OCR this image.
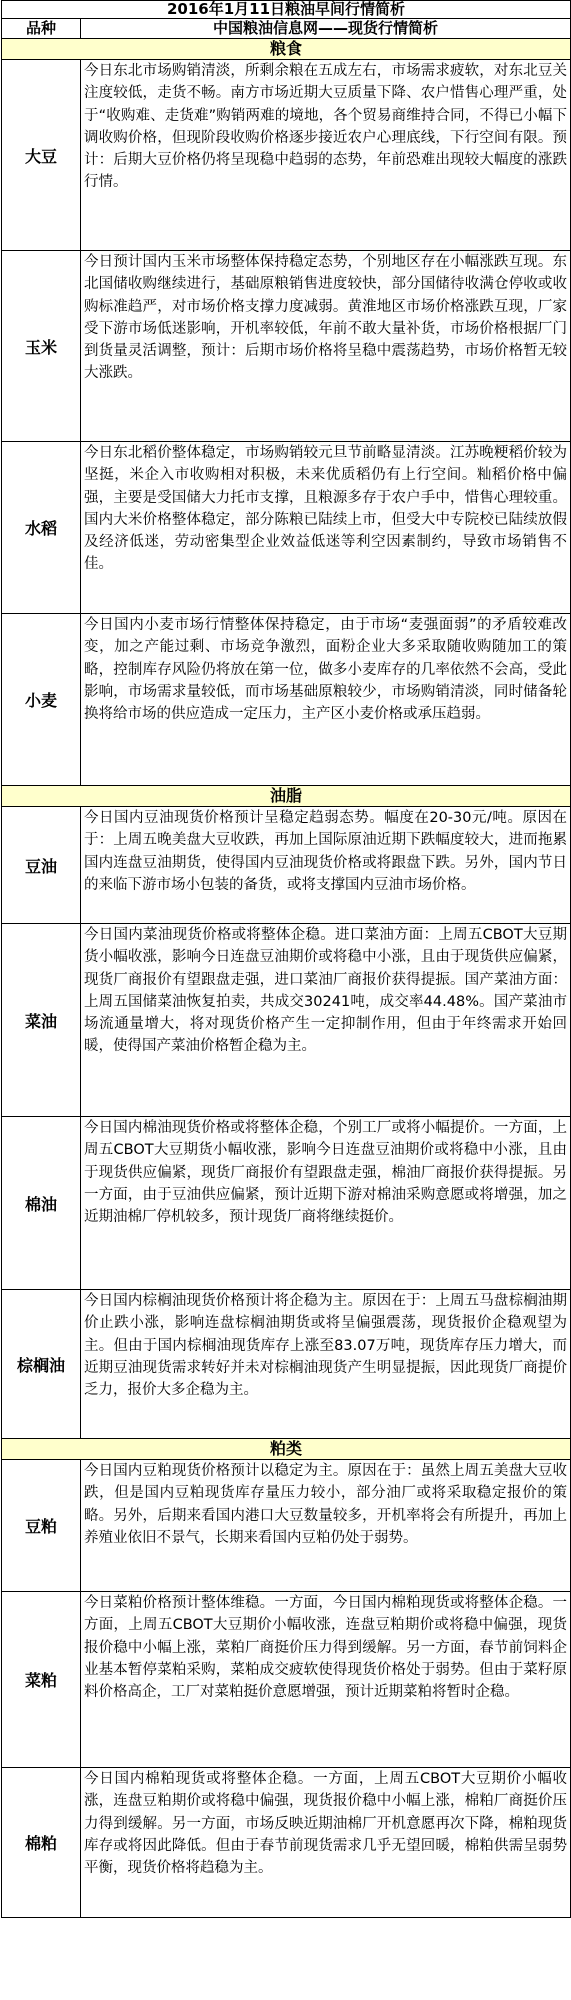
2016年1月11日粮油早间行情简析	
品种	中国粮油信息网——现货行情简析
粮食	
大豆	今日东北市场购销清淡，所剩余粮在五成左右，市场需求疲软，对东北豆关注度较低，走货不畅。南方市场近期大豆质量下降、农户惜售心理严重，处于“收购难、走货难”购销两难的境地，各个贸易商维持合同，不得已小幅下调收购价格，但现阶段收购价格逐步接近农户心理底线，下行空间有限。预计：后期大豆价格仍将呈现稳中趋弱的态势，年前恐难出现较大幅度的涨跌行情。
玉米	今日预计国内玉米市场整体保持稳定态势，个别地区存在小幅涨跌互现。东北国储收购继续进行，基础原粮销售进度较快，部分国储待收满仓停收或收购标准趋严，对市场价格支撑力度减弱。黄淮地区市场价格涨跌互现，厂家受下游市场低迷影响，开机率较低，年前不敢大量补货，市场价格根据厂门到货量灵活调整，预计：后期市场价格将呈稳中震荡趋势，市场价格暂无较大涨跌。
水稻	今日东北稻价整体稳定，市场购销较元旦节前略显清淡。江苏晚粳稻价较为坚挺，米企入市收购相对积极，未来优质稻仍有上行空间。籼稻价格中偏强，主要是受国储大力托市支撑，且粮源多存于农户手中，惜售心理较重。国内大米价格整体稳定，部分陈粮已陆续上市，但受大中专院校已陆续放假及经济低迷，劳动密集型企业效益低迷等利空因素制约，导致市场销售不佳。
小麦	今日国内小麦市场行情整体保持稳定，由于市场“麦强面弱”的矛盾较难改变，加之产能过剩、市场竞争激烈，面粉企业大多采取随收购随加工的策略，控制库存风险仍将放在第一位，做多小麦库存的几率依然不会高，受此影响，市场需求量较低，而市场基础原粮较少，市场购销清淡，同时储备轮换将给市场的供应造成一定压力，主产区小麦价格或承压趋弱。
油脂	
豆油	今日国内豆油现货价格预计呈稳定趋弱态势。幅度在20-30元/吨。原因在于：上周五晚美盘大豆收跌，再加上国际原油近期下跌幅度较大，进而拖累国内连盘豆油期货，使得国内豆油现货价格或将跟盘下跌。另外，国内节日的来临下游市场小包装的备货，或将支撑国内豆油市场价格。
菜油	今日国内菜油现货价格或将整体企稳。进口菜油方面：上周五CBOT大豆期货小幅收涨，影响今日连盘豆油期价或将稳中小涨，且由于现货供应偏紧，现货厂商报价有望跟盘走强，进口菜油厂商报价获得提振。国产菜油方面：上周五国储菜油恢复拍卖，共成交30241吨，成交率44.48%。国产菜油市场流通量增大，将对现货价格产生一定抑制作用，但由于年终需求开始回暖，使得国产菜油价格暂企稳为主。
棉油	今日国内棉油现货价格或将整体企稳，个别工厂或将小幅提价。一方面，上周五CBOT大豆期货小幅收涨，影响今日连盘豆油期价或将稳中小涨，且由于现货供应偏紧，现货厂商报价有望跟盘走强，棉油厂商报价获得提振。另一方面，由于豆油供应偏紧，预计近期下游对棉油采购意愿或将增强，加之近期油棉厂停机较多，预计现货厂商将继续挺价。
棕榈油	今日国内棕榈油现货价格预计将企稳为主。原因在于：上周五马盘棕榈油期价止跌小涨，影响连盘棕榈油期货或将呈偏强震荡，现货报价企稳观望为主。但由于国内棕榈油现货库存上涨至83.07万吨，现货库存压力增大，而近期豆油现货需求转好并未对棕榈油现货产生明显提振，因此现货厂商提价乏力，报价大多企稳为主。
粕类	
豆粕	今日国内豆粕现货价格预计以稳定为主。原因在于：虽然上周五美盘大豆收跌，但是国内豆粕现货库存量压力较小，部分油厂或将采取稳定报价的策略。另外，后期来看国内港口大豆数量较多，开机率将会有所提升，再加上养殖业依旧不景气，长期来看国内豆粕仍处于弱势。
菜粕	今日菜粕价格预计整体维稳。一方面，今日国内棉粕现货或将整体企稳。一方面，上周五CBOT大豆期价小幅收涨，连盘豆粕期价或将稳中偏强，现货报价稳中小幅上涨，菜粕厂商挺价压力得到缓解。另一方面，春节前饲料企业基本暂停菜粕采购，菜粕成交疲软使得现货价格处于弱势。但由于菜籽原料价格高企，工厂对菜粕挺价意愿增强，预计近期菜粕将暂时企稳。
棉粕	今日国内棉粕现货或将整体企稳。一方面，上周五CBOT大豆期价小幅收涨，连盘豆粕期价或将稳中偏强，现货报价稳中小幅上涨，棉粕厂商挺价压力得到缓解。另一方面，市场反映近期油棉厂开机意愿再次下降，棉粕现货库存或将因此降低。但由于春节前现货需求几乎无望回暖，棉粕供需呈弱势平衡，现货价格将趋稳为主。
